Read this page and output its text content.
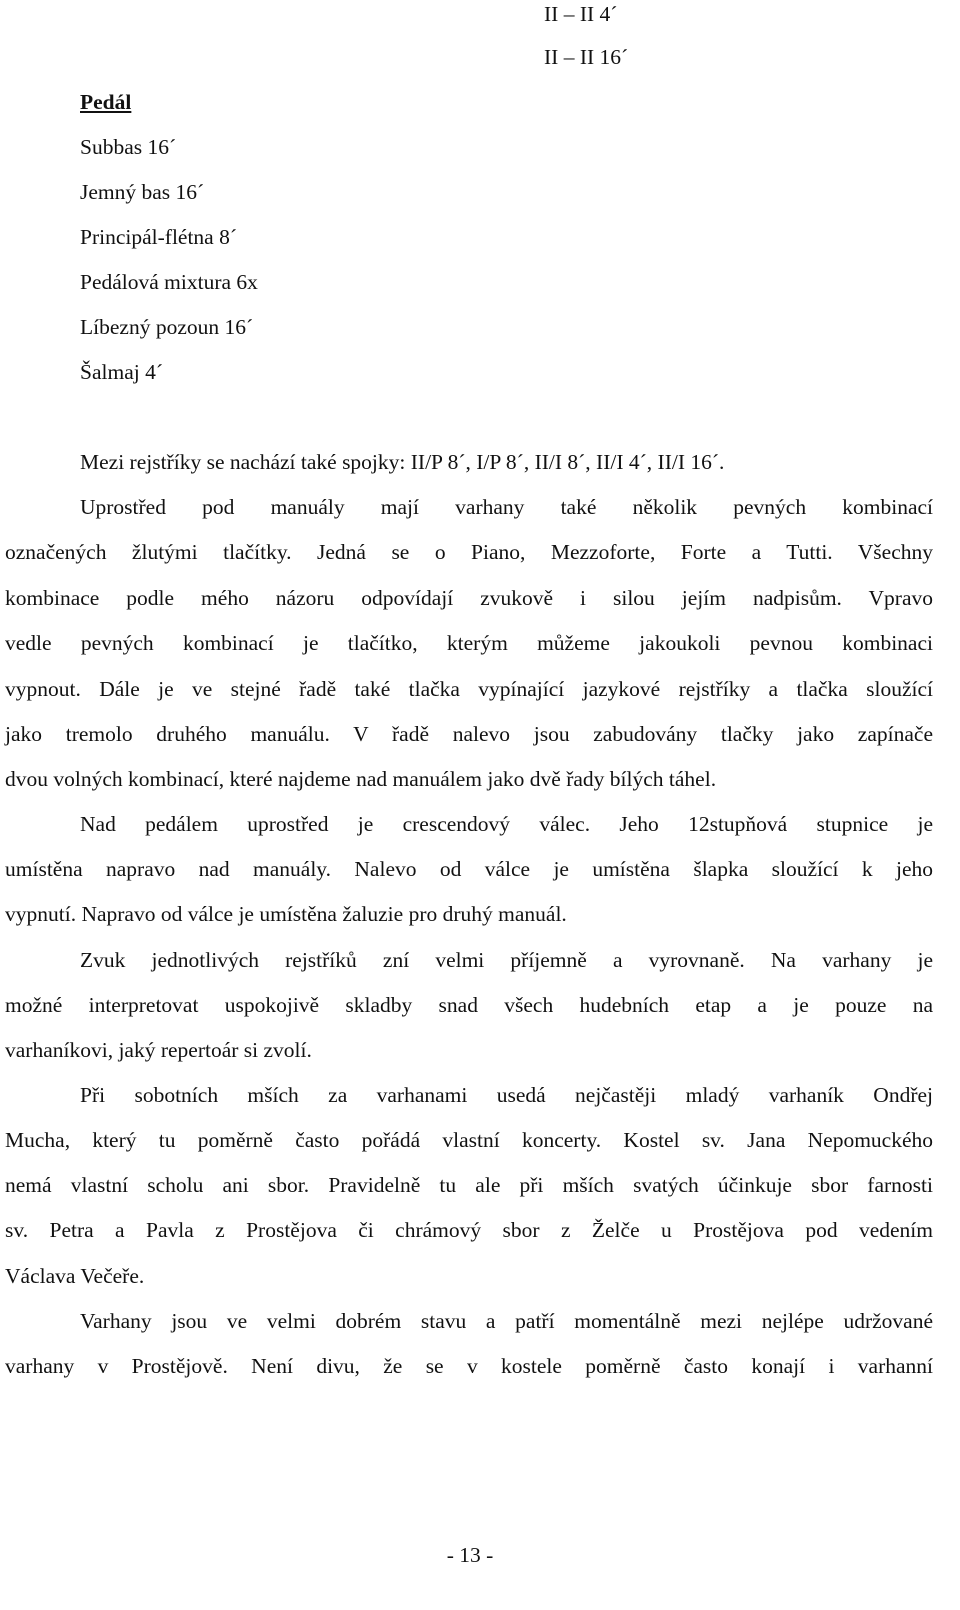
II – II 4´
II – II 16´
Pedál
Subbas 16´
Jemný bas 16´
Principál-flétna 8´
Pedálová mixtura 6x
Líbezný pozoun 16´
Šalmaj 4´
Mezi rejstříky se nachází také spojky: II/P 8´, I/P 8´, II/I 8´, II/I 4´, II/I 16´.
Uprostřed pod manuály mají varhany také několik pevných kombinací
označených žlutými tlačítky. Jedná se o Piano, Mezzoforte, Forte a Tutti. Všechny
kombinace podle mého názoru odpovídají zvukově i silou jejím nadpisům. Vpravo
vedle pevných kombinací je tlačítko, kterým můžeme jakoukoli pevnou kombinaci
vypnout. Dále je ve stejné řadě také tlačka vypínající jazykové rejstříky a tlačka sloužící
jako tremolo druhého manuálu. V řadě nalevo jsou zabudovány tlačky jako zapínače
dvou volných kombinací, které najdeme nad manuálem jako dvě řady bílých táhel.
Nad pedálem uprostřed je crescendový válec. Jeho 12stupňová stupnice je
umístěna napravo nad manuály. Nalevo od válce je umístěna šlapka sloužící k jeho
vypnutí. Napravo od válce je umístěna žaluzie pro druhý manuál.
Zvuk jednotlivých rejstříků zní velmi příjemně a vyrovnaně. Na varhany je
možné interpretovat uspokojivě skladby snad všech hudebních etap a je pouze na
varhaníkovi, jaký repertoár si zvolí.
Při sobotních mších za varhanami usedá nejčastěji mladý varhaník Ondřej
Mucha, který tu poměrně často pořádá vlastní koncerty. Kostel sv. Jana Nepomuckého
nemá vlastní scholu ani sbor. Pravidelně tu ale při mších svatých účinkuje sbor farnosti
sv. Petra a Pavla z Prostějova či chrámový sbor z Želče u Prostějova pod vedením
Václava Večeře.
Varhany jsou ve velmi dobrém stavu a patří momentálně mezi nejlépe udržované
varhany v Prostějově. Není divu, že se v kostele poměrně často konají i varhanní
- 13 -
